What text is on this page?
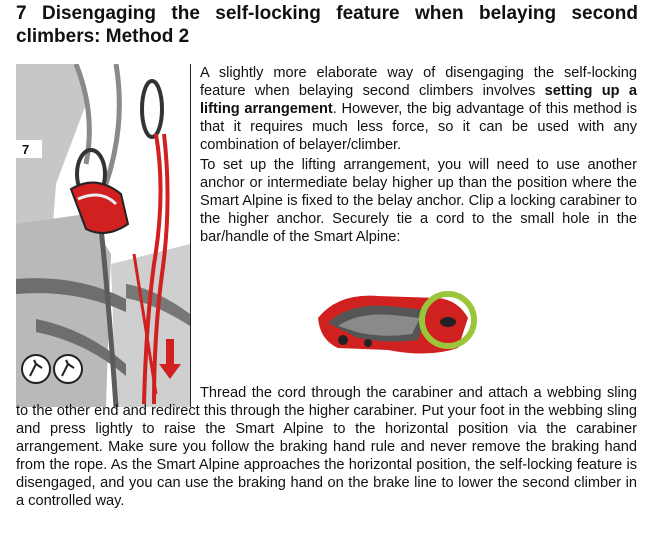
7 Disengaging the self-locking feature when belaying second climbers: Method 2
7

A slightly more elaborate way of disengaging the self-locking feature when belaying second climbers involves setting up a lifting arrangement. However, the big advantage of this method is that it requires much less force, so it can be used with any combination of belayer/climber.

To set up the lifting arrangement, you will need to use another anchor or intermediate belay higher up than the position where the Smart Alpine is fixed to the belay anchor. Clip a locking carabiner to the higher anchor. Securely tie a cord to the small hole in the bar/handle of the Smart Alpine:

Thread the cord through the carabiner and attach a webbing sling to the other end and redirect this through the higher carabiner. Put your foot in the webbing sling and press lightly to raise the Smart Alpine to the horizontal position via the carabiner arrangement. Make sure you follow the braking hand rule and never remove the braking hand from the rope. As the Smart Alpine approaches the horizontal position, the self-locking feature is disengaged, and you can use the braking hand on the brake line to lower the second climber in a controlled way.
